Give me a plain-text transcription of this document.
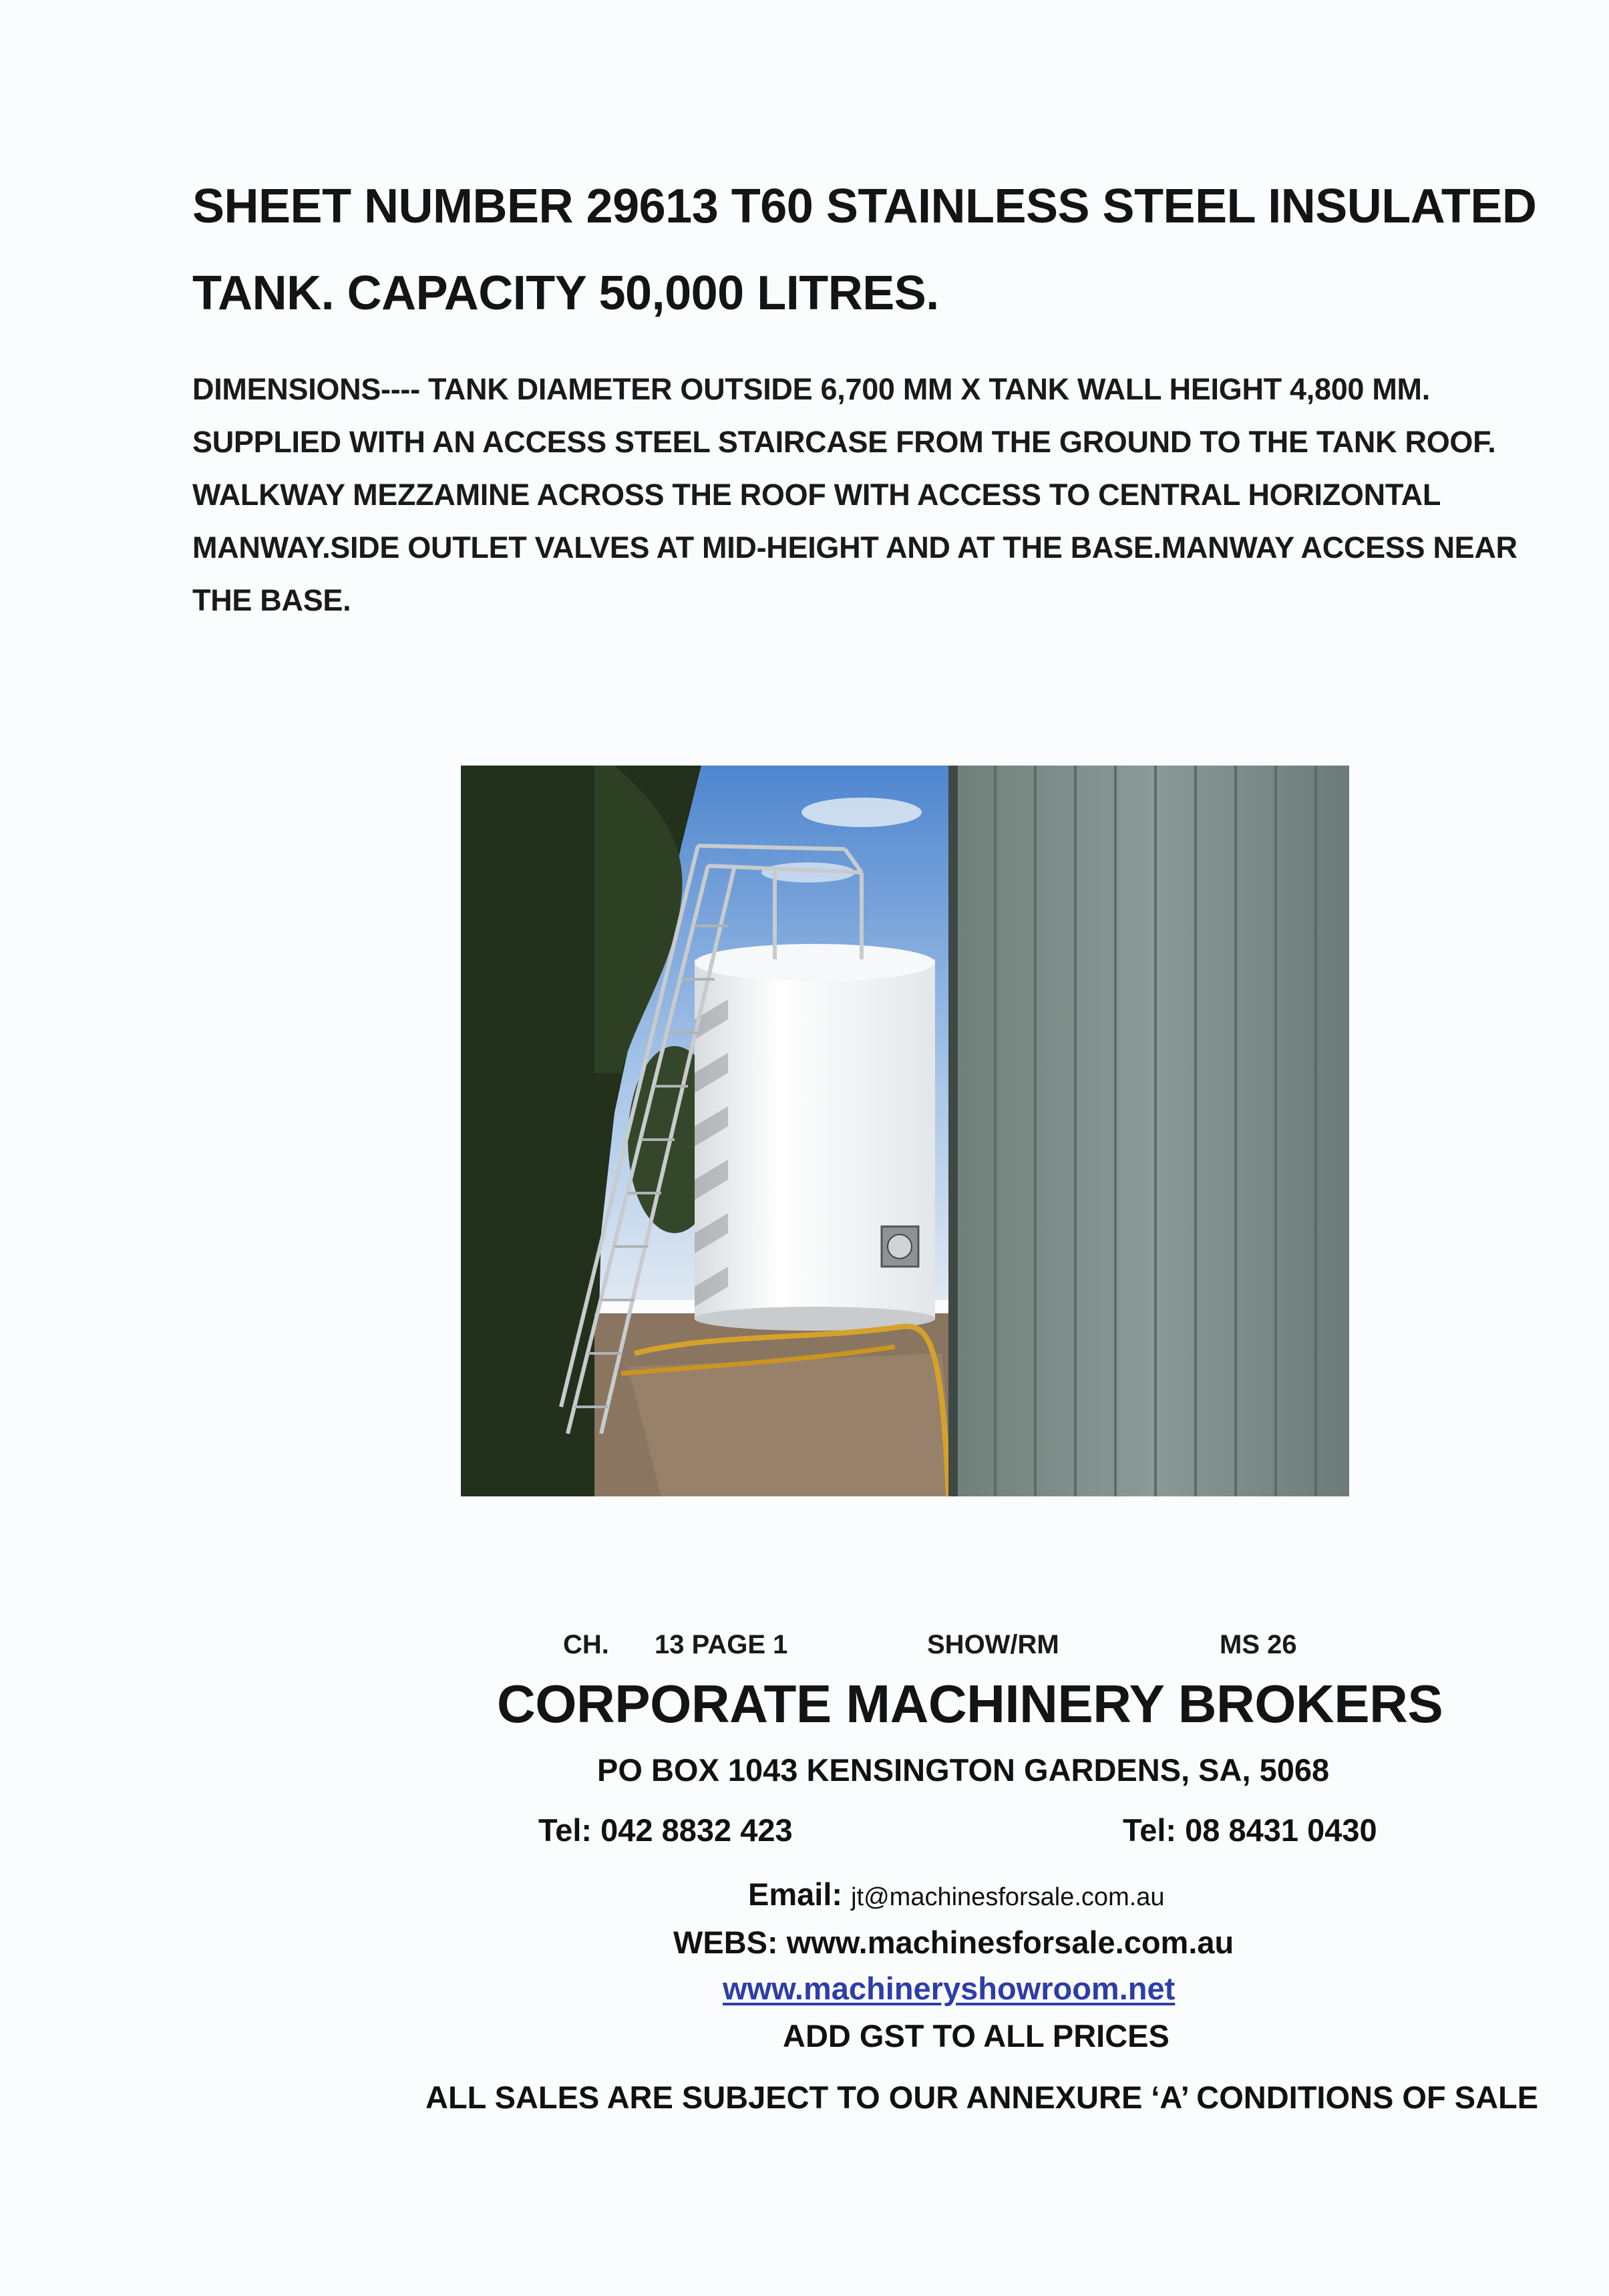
SHEET NUMBER 29613 T60 STAINLESS STEEL INSULATED
TANK. CAPACITY 50,000 LITRES.
DIMENSIONS---- TANK DIAMETER OUTSIDE 6,700 MM X TANK WALL HEIGHT 4,800 MM.
SUPPLIED WITH AN ACCESS STEEL STAIRCASE FROM THE GROUND TO THE TANK ROOF.
WALKWAY MEZZAMINE ACROSS THE ROOF WITH ACCESS TO CENTRAL HORIZONTAL
MANWAY.SIDE OUTLET VALVES AT MID-HEIGHT AND AT THE BASE.MANWAY ACCESS NEAR
THE BASE.
CH. 13 PAGE 1	SHOW/RM	MS 26
CORPORATE MACHINERY BROKERS
PO BOX 1043 KENSINGTON GARDENS, SA, 5068
Tel: 042 8832 423	Tel: 08 8431 0430
Email: jt@machinesforsale.com.au
WEBS: www.machinesforsale.com.au
www.machineryshowroom.net
ADD GST TO ALL PRICES
ALL SALES ARE SUBJECT TO OUR ANNEXURE ‘A’ CONDITIONS OF SALE
